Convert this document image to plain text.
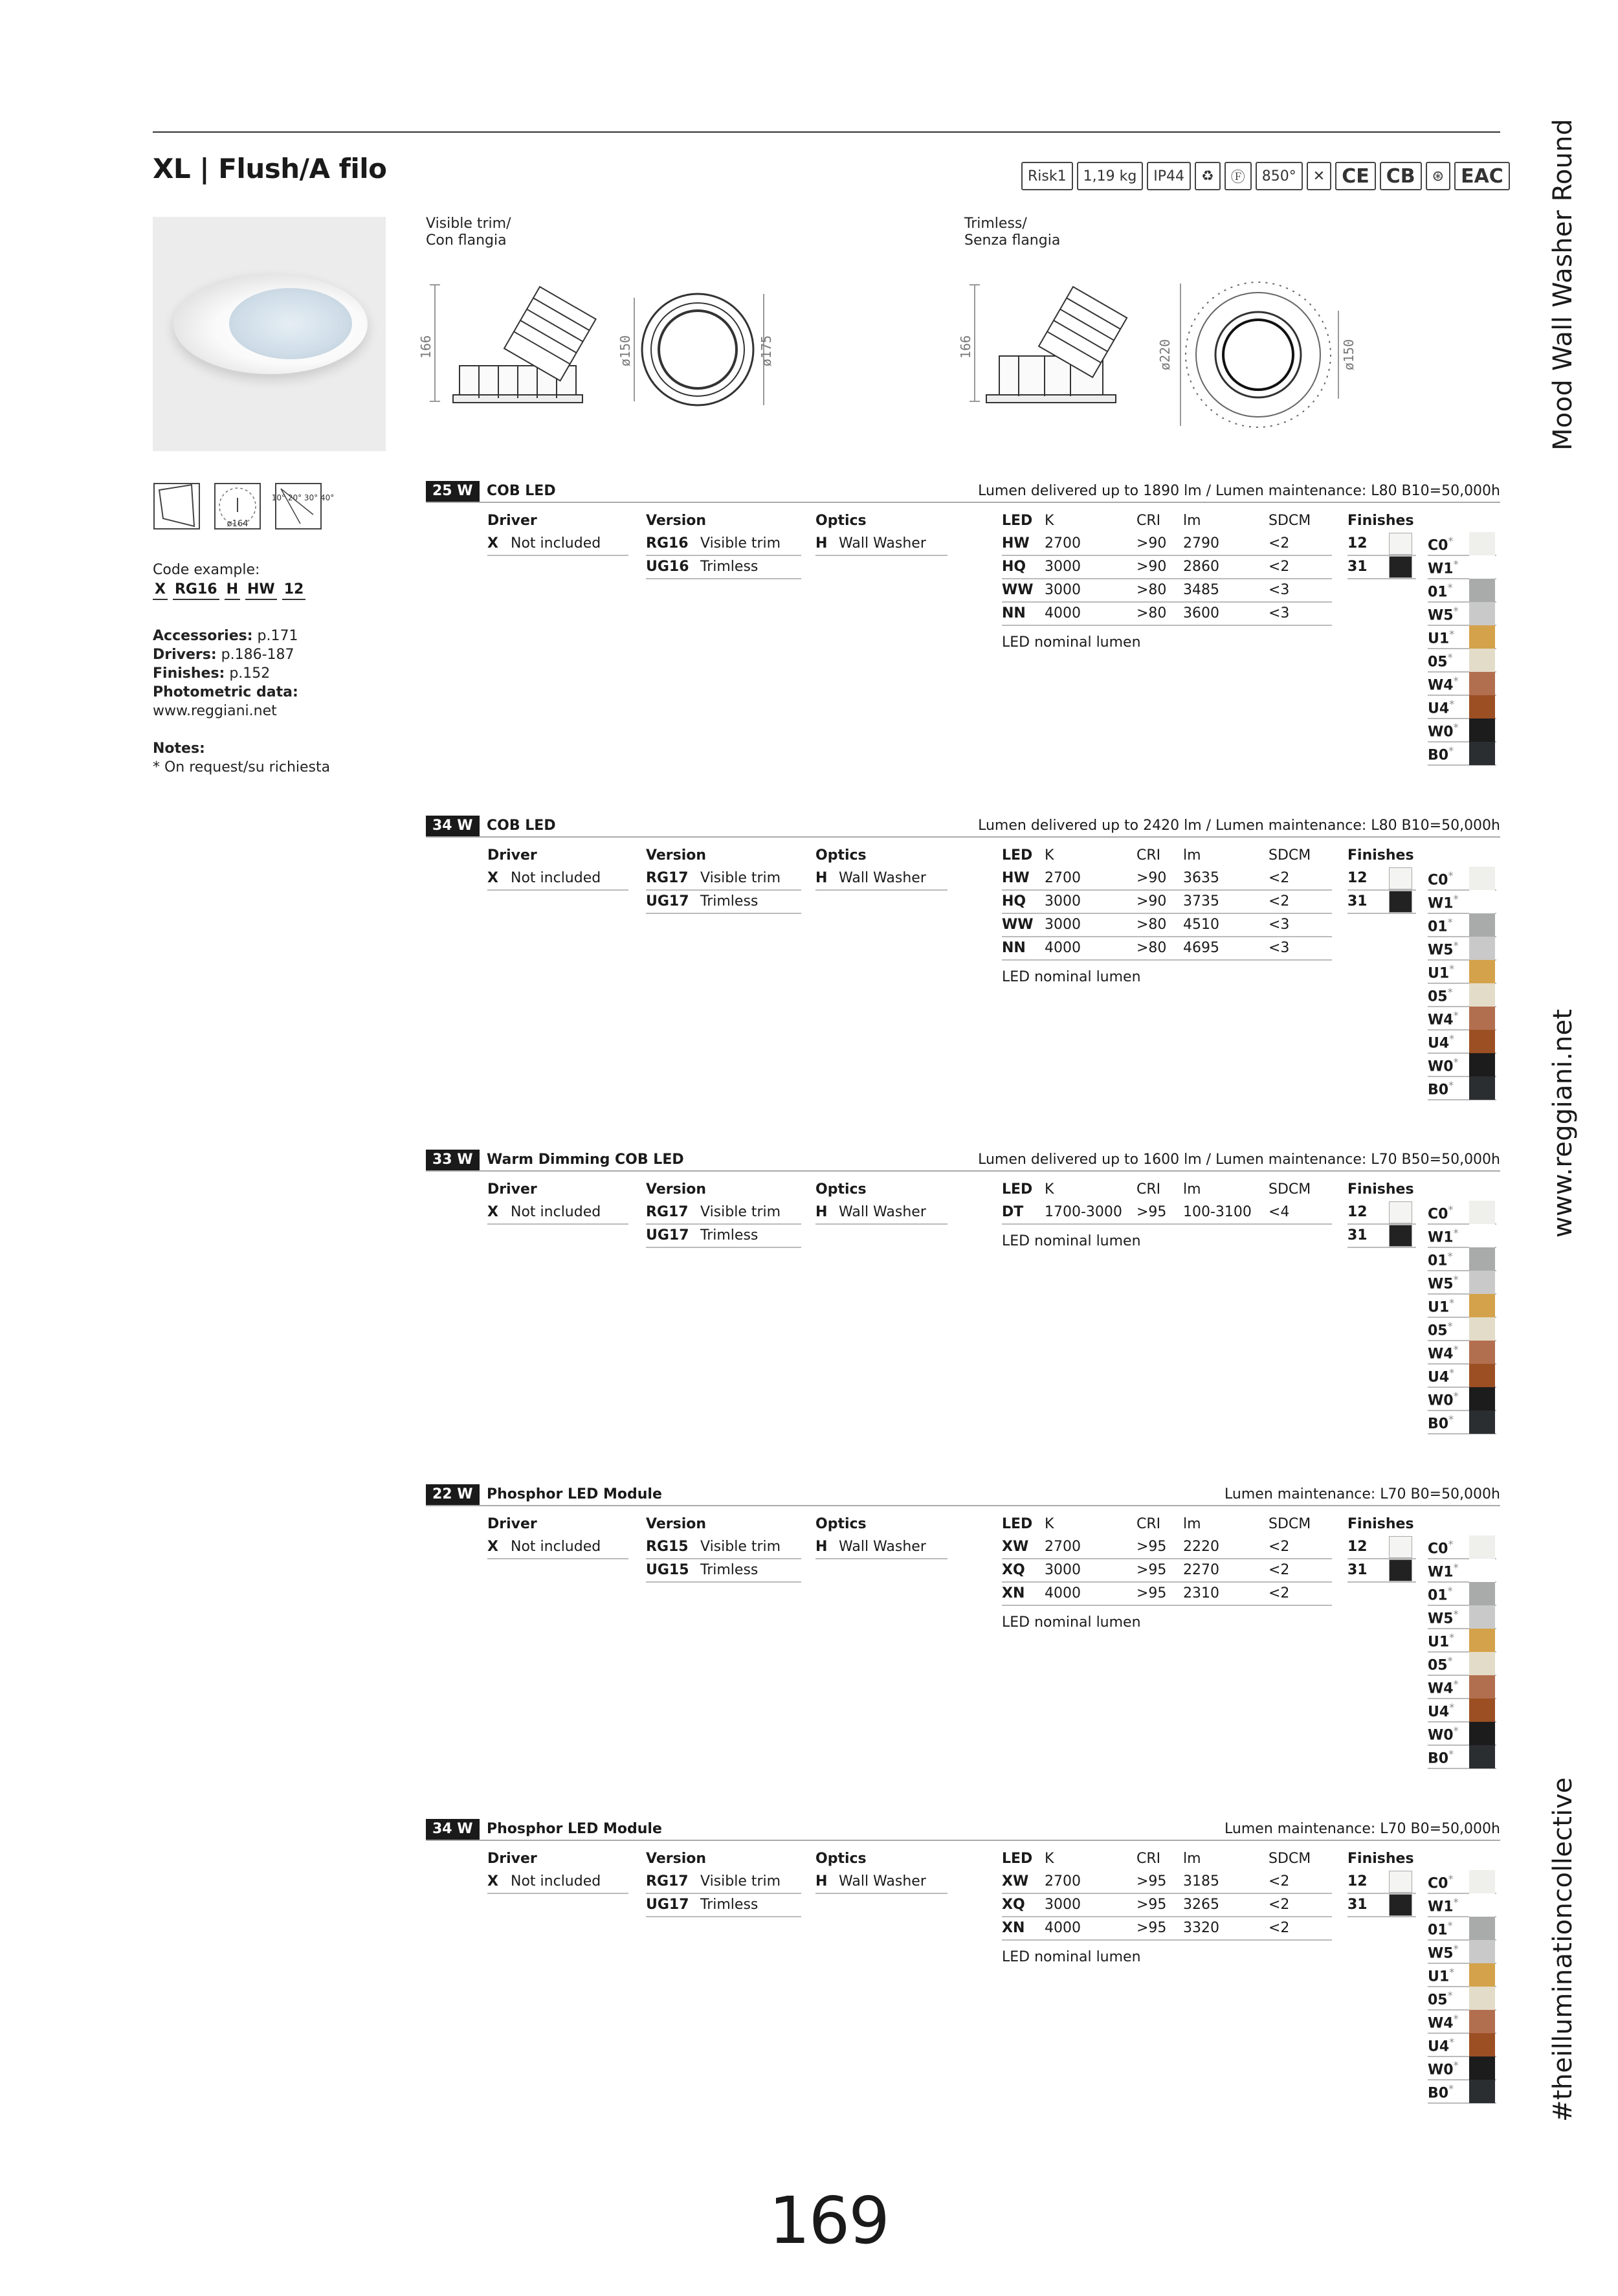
XL | Flush/A filo	Risk1	1,19 kg	IP44	♻	Ⓕ	850°	✕ CE CB	⊛ EAC
Visible trim/
Con flangia
Trimless/
Senza flangia
166	ø150	ø175	166	ø220	ø150
ø164
10° 20° 30° 40°
Code example:
X RG16 H HW 12
Accessories: p.171
Drivers: p.186-187
Finishes: p.152
Photometric data:
www.reggiani.net
Notes:
* On request/su richiesta
Mood Wall Washer Round
www.reggiani.net
#theilluminationcollective
25 W COB LED	Lumen delivered up to 1890 lm / Lumen maintenance: L80 B10=50,000h
Driver
X Not included
Version
RG16 Visible trim
UG16 Trimless
Optics
H Wall Washer
LED K	CRI	lm	SDCM
HW	2700	>90	2790	<2
HQ	3000	>90	2860	<2
WW 3000	>80	3485	<3
NN	4000	>80	3600	<3
LED nominal lumen
Finishes
12
31
C0*
W1*
01*
W5*
U1*
05*
W4*
U4*
W0*
B0*
34 W COB LED	Lumen delivered up to 2420 lm / Lumen maintenance: L80 B10=50,000h
Driver
X Not included
Version
RG17 Visible trim
UG17 Trimless
Optics
H Wall Washer
LED K	CRI	lm	SDCM
HW	2700	>90	3635	<2
HQ	3000	>90	3735	<2
WW 3000	>80	4510	<3
NN	4000	>80	4695	<3
LED nominal lumen
Finishes
12
31
C0*
W1*
01*
W5*
U1*
05*
W4*
U4*
W0*
B0*
33 W Warm Dimming COB LED	Lumen delivered up to 1600 lm / Lumen maintenance: L70 B50=50,000h
Driver
X Not included
Version
RG17 Visible trim
UG17 Trimless
Optics
H Wall Washer
LED K	CRI	lm	SDCM
DT	1700-3000	>95	100-3100	<4
LED nominal lumen
Finishes
12
31
C0*
W1*
01*
W5*
U1*
05*
W4*
U4*
W0*
B0*
22 W Phosphor LED Module	Lumen maintenance: L70 B0=50,000h
Driver
X Not included
Version
RG15 Visible trim
UG15 Trimless
Optics
H Wall Washer
LED K	CRI	lm	SDCM
XW	2700	>95	2220	<2
XQ	3000	>95	2270	<2
XN	4000	>95	2310	<2
LED nominal lumen
Finishes
12
31
C0*
W1*
01*
W5*
U1*
05*
W4*
U4*
W0*
B0*
34 W Phosphor LED Module	Lumen maintenance: L70 B0=50,000h
Driver
X Not included
Version
RG17 Visible trim
UG17 Trimless
Optics
H Wall Washer
LED K	CRI	lm	SDCM
XW	2700	>95	3185	<2
XQ	3000	>95	3265	<2
XN	4000	>95	3320	<2
LED nominal lumen
Finishes
12
31
C0*
W1*
01*
W5*
U1*
05*
W4*
U4*
W0*
B0*
169
